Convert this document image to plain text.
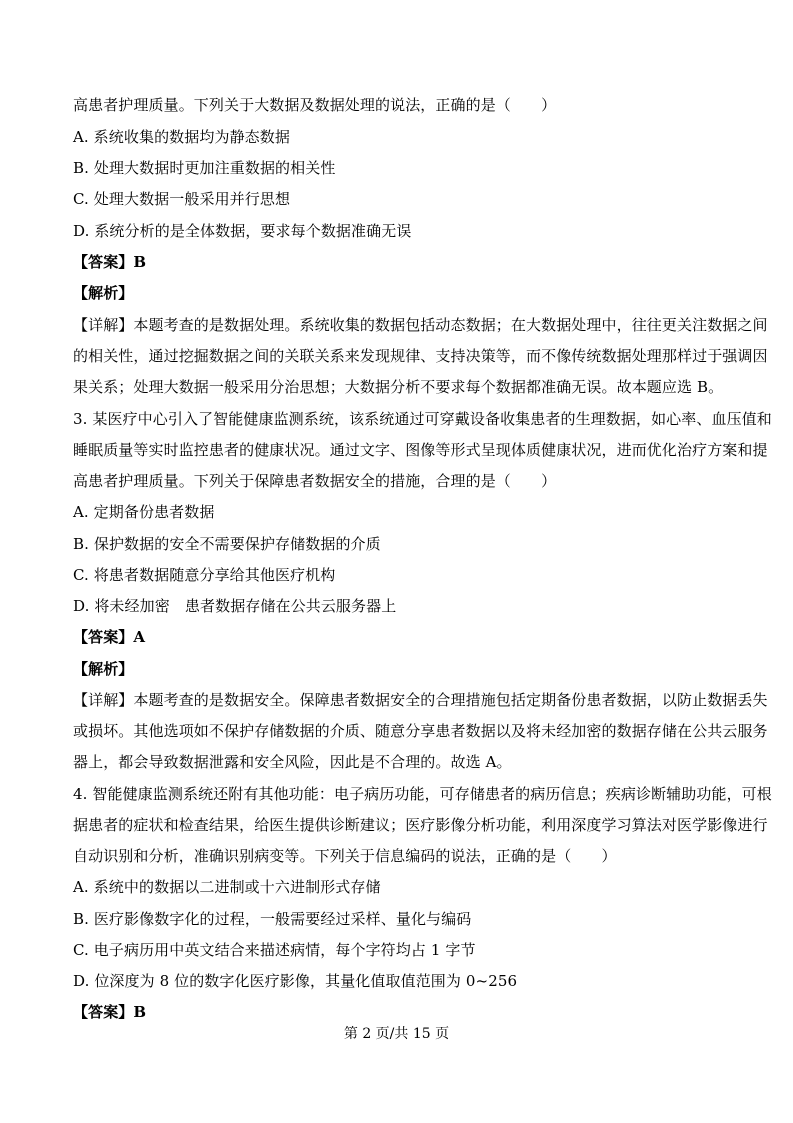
高患者护理质量。下列关于大数据及数据处理的说法，正确的是（　　）
A. 系统收集的数据均为静态数据
B. 处理大数据时更加注重数据的相关性
C. 处理大数据一般采用并行思想
D. 系统分析的是全体数据，要求每个数据准确无误
【答案】B
【解析】
【详解】本题考查的是数据处理。系统收集的数据包括动态数据；在大数据处理中，往往更关注数据之间
的相关性，通过挖掘数据之间的关联关系来发现规律、支持决策等，而不像传统数据处理那样过于强调因
果关系；处理大数据一般采用分治思想；大数据分析不要求每个数据都准确无误。故本题应选 B。
3. 某医疗中心引入了智能健康监测系统，该系统通过可穿戴设备收集患者的生理数据，如心率、血压值和
睡眠质量等实时监控患者的健康状况。通过文字、图像等形式呈现体质健康状况，进而优化治疗方案和提
高患者护理质量。下列关于保障患者数据安全的措施，合理的是（　　）
A. 定期备份患者数据
B. 保护数据的安全不需要保护存储数据的介质
C. 将患者数据随意分享给其他医疗机构
D. 将未经加密　患者数据存储在公共云服务器上
【答案】A
【解析】
【详解】本题考查的是数据安全。保障患者数据安全的合理措施包括定期备份患者数据，以防止数据丢失
或损坏。其他选项如不保护存储数据的介质、随意分享患者数据以及将未经加密的数据存储在公共云服务
器上，都会导致数据泄露和安全风险，因此是不合理的。故选 A。
4. 智能健康监测系统还附有其他功能：电子病历功能，可存储患者的病历信息；疾病诊断辅助功能，可根
据患者的症状和检查结果，给医生提供诊断建议；医疗影像分析功能，利用深度学习算法对医学影像进行
自动识别和分析，准确识别病变等。下列关于信息编码的说法，正确的是（　　）
A. 系统中的数据以二进制或十六进制形式存储
B. 医疗影像数字化的过程，一般需要经过采样、量化与编码
C. 电子病历用中英文结合来描述病情，每个字符均占 1 字节
D. 位深度为 8 位的数字化医疗影像，其量化值取值范围为 0~256
【答案】B
第 2 页/共 15 页
